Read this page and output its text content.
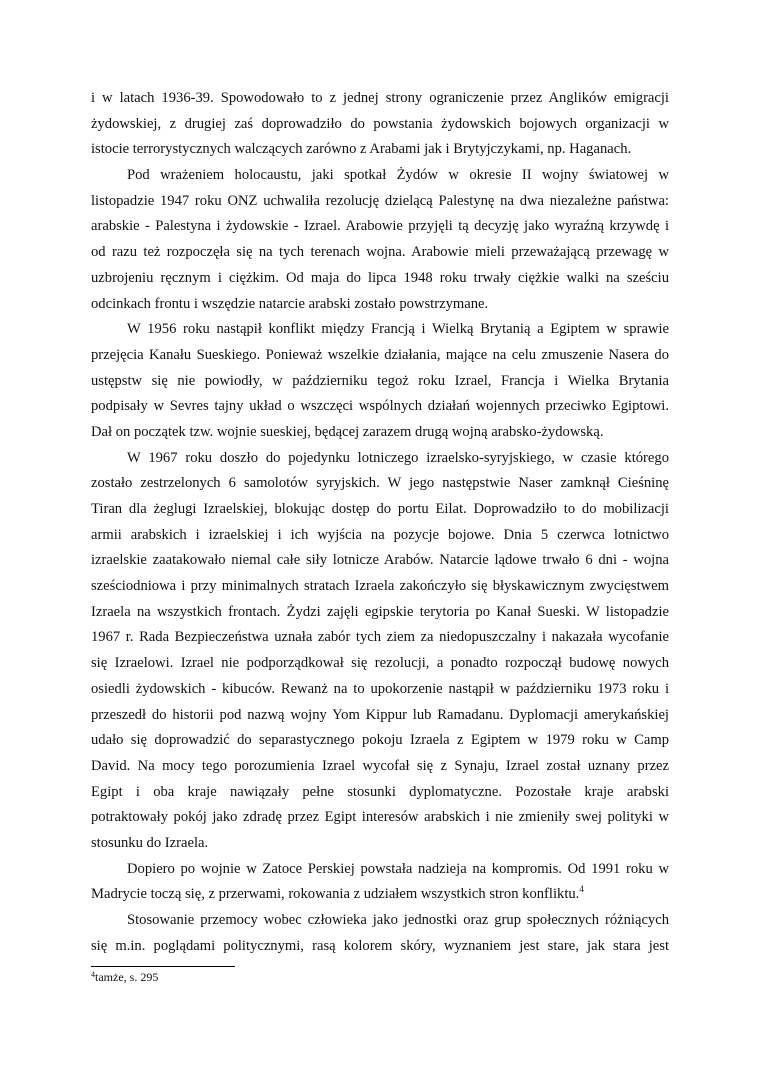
i w latach 1936-39. Spowodowało to z jednej strony ograniczenie przez Anglików emigracji
żydowskiej, z drugiej zaś doprowadziło do powstania żydowskich bojowych organizacji w
istocie terrorystycznych walczących zarówno z Arabami jak i Brytyjczykami, np. Haganach.
Pod wrażeniem holocaustu, jaki spotkał Żydów w okresie II wojny światowej w
listopadzie 1947 roku ONZ uchwaliła rezolucję dzielącą Palestynę na dwa niezależne państwa:
arabskie - Palestyna i żydowskie - Izrael. Arabowie przyjęli tą decyzję jako wyraźną krzywdę i
od razu też rozpoczęła się na tych terenach wojna. Arabowie mieli przeważającą przewagę w
uzbrojeniu ręcznym i ciężkim. Od maja do lipca 1948 roku trwały ciężkie walki na sześciu
odcinkach frontu i wszędzie natarcie arabski zostało powstrzymane.
W 1956 roku nastąpił konflikt między Francją i Wielką Brytanią a Egiptem w sprawie
przejęcia Kanału Sueskiego. Ponieważ wszelkie działania, mające na celu zmuszenie Nasera do
ustępstw się nie powiodły, w październiku tegoż roku Izrael, Francja i Wielka Brytania
podpisały w Sevres tajny układ o wszczęci wspólnych działań wojennych przeciwko Egiptowi.
Dał on początek tzw. wojnie sueskiej, będącej zarazem drugą wojną arabsko-żydowską.
W 1967 roku doszło do pojedynku lotniczego izraelsko-syryjskiego, w czasie którego
zostało zestrzelonych 6 samolotów syryjskich. W jego następstwie Naser zamknął Cieśninę
Tiran dla żeglugi Izraelskiej, blokując dostęp do portu Eilat. Doprowadziło to do mobilizacji
armii arabskich i izraelskiej i ich wyjścia na pozycje bojowe. Dnia 5 czerwca lotnictwo
izraelskie zaatakowało niemal całe siły lotnicze Arabów. Natarcie lądowe trwało 6 dni - wojna
sześciodniowa i przy minimalnych stratach Izraela zakończyło się błyskawicznym zwycięstwem
Izraela na wszystkich frontach. Żydzi zajęli egipskie terytoria po Kanał Sueski. W listopadzie
1967 r. Rada Bezpieczeństwa uznała zabór tych ziem za niedopuszczalny i nakazała wycofanie
się Izraelowi. Izrael nie podporządkował się rezolucji, a ponadto rozpoczął budowę nowych
osiedli żydowskich - kibuców. Rewanż na to upokorzenie nastąpił w październiku 1973 roku i
przeszedł do historii pod nazwą wojny Yom Kippur lub Ramadanu. Dyplomacji amerykańskiej
udało się doprowadzić do separastycznego pokoju Izraela z Egiptem w 1979 roku w Camp
David. Na mocy tego porozumienia Izrael wycofał się z Synaju, Izrael został uznany przez
Egipt i oba kraje nawiązały pełne stosunki dyplomatyczne. Pozostałe kraje arabski
potraktowały pokój jako zdradę przez Egipt interesów arabskich i nie zmieniły swej polityki w
stosunku do Izraela.
Dopiero po wojnie w Zatoce Perskiej powstała nadzieja na kompromis. Od 1991 roku w
Madrycie toczą się, z przerwami, rokowania z udziałem wszystkich stron konfliktu.$^4$
Stosowanie przemocy wobec człowieka jako jednostki oraz grup społecznych różniących
się m.in. poglądami politycznymi, rasą kolorem skóry, wyznaniem jest stare, jak stara jest
$^4$tamże, s. 295
